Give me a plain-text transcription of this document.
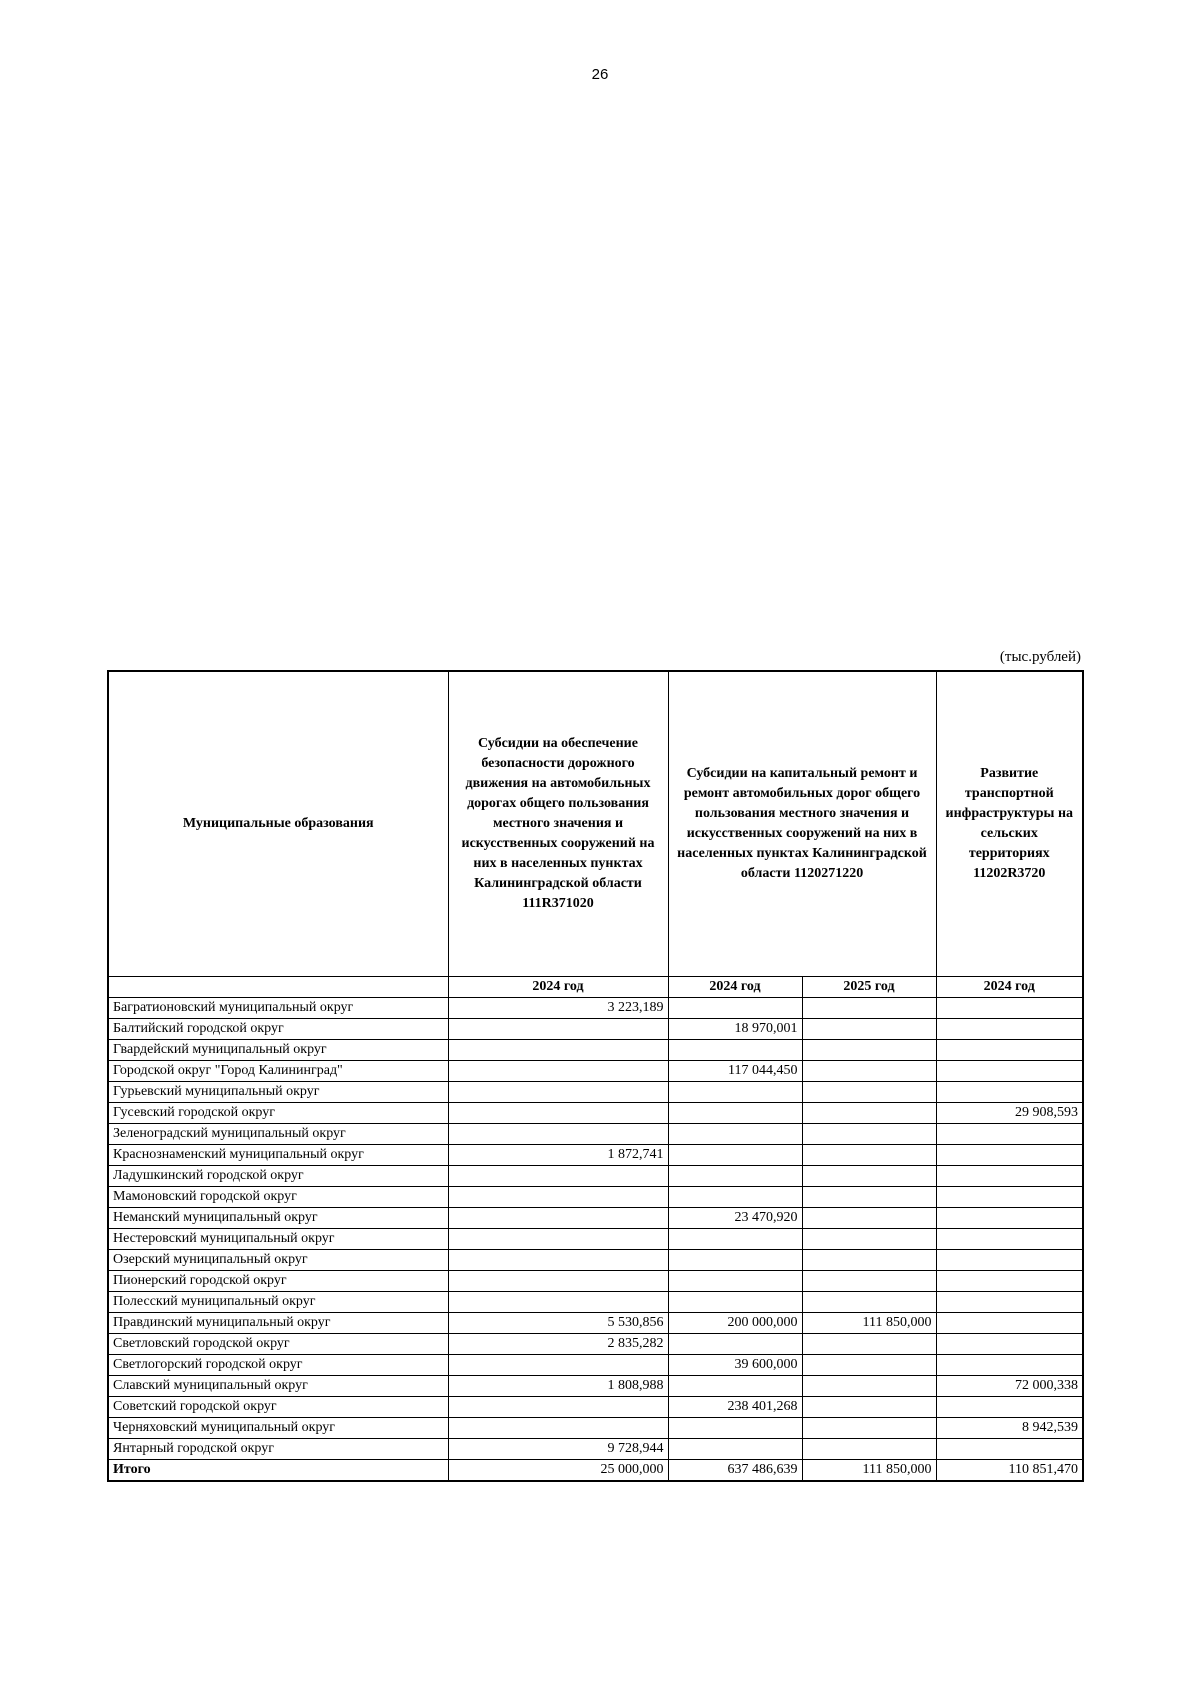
26
(тыс.рублей)
Муниципальные образования	Субсидии на обеспечение безопасности дорожного движения на автомобильных дорогах общего пользования местного значения и искусственных сооружений на них в населенных пунктах Калининградской области 111R371020	Субсидии на капитальный ремонт и ремонт автомобильных дорог общего пользования местного значения и искусственных сооружений на них в населенных пунктах Калининградской области 1120271220		Развитие транспортной инфраструктуры на сельских территориях 11202R3720
	2024 год	2024 год	2025 год	2024 год
Багратионовский муниципальный округ	3 223,189			
Балтийский городской округ		18 970,001		
Гвардейский муниципальный округ				
Городской округ "Город Калининград"		117 044,450		
Гурьевский муниципальный округ				
Гусевский городской округ				29 908,593
Зеленоградский муниципальный округ				
Краснознаменский муниципальный округ	1 872,741			
Ладушкинский городской округ				
Мамоновский городской округ				
Неманский муниципальный округ		23 470,920		
Нестеровский муниципальный округ				
Озерский муниципальный округ				
Пионерский городской округ				
Полесский муниципальный округ				
Правдинский муниципальный округ	5 530,856	200 000,000	111 850,000	
Светловский городской округ	2 835,282			
Светлогорский городской округ		39 600,000		
Славский муниципальный округ	1 808,988			72 000,338
Советский городской округ		238 401,268		
Черняховский муниципальный округ				8 942,539
Янтарный городской округ	9 728,944			
Итого	25 000,000	637 486,639	111 850,000	110 851,470
